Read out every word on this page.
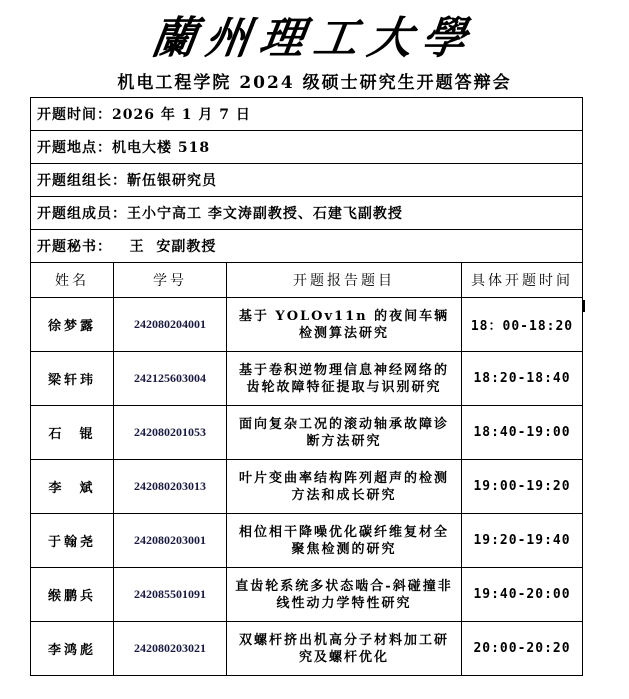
蘭州理工大學
机电工程学院 2024 级硕士研究生开题答辩会
开题时间：2026 年 1 月 7 日			
开题地点：机电大楼 518			
开题组组长：靳伍银研究员			
开题组成员：王小宁高工 李文涛副教授、石建飞副教授			
开题秘书：   王  安副教授			
姓名	学号	开题报告题目	具体开题时间
徐梦露	242080204001	基于 YOLOv11n 的夜间车辆检测算法研究	18：00-18:20
梁轩玮	242125603004	基于卷积逆物理信息神经网络的齿轮故障特征提取与识别研究	18:20-18:40
石  锟	242080201053	面向复杂工况的滚动轴承故障诊断方法研究	18:40-19:00
李  斌	242080203013	叶片变曲率结构阵列超声的检测方法和成长研究	19:00-19:20
于翰尧	242080203001	相位相干降噪优化碳纤维复材全聚焦检测的研究	19:20-19:40
缑鹏兵	242085501091	直齿轮系统多状态啮合-斜碰撞非线性动力学特性研究	19:40-20:00
李鸿彪	242080203021	双螺杆挤出机高分子材料加工研究及螺杆优化	20:00-20:20
